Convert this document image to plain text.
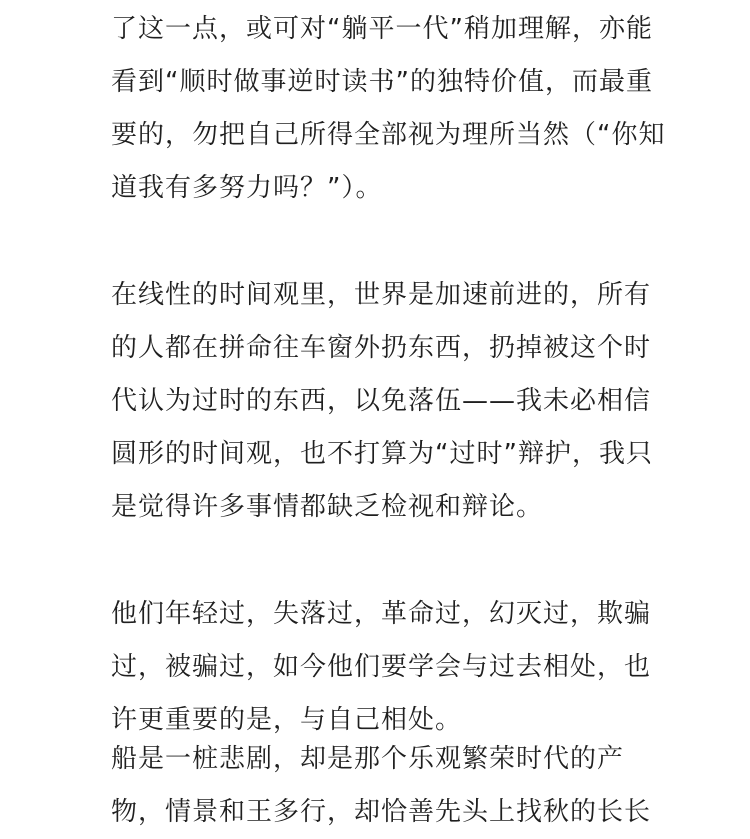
了这一点，或可对“躺平一代”稍加理解，亦能
看到“顺时做事逆时读书”的独特价值，而最重
要的，勿把自己所得全部视为理所当然（“你知
道我有多努力吗？”）。
在线性的时间观里，世界是加速前进的，所有
的人都在拼命往车窗外扔东西，扔掉被这个时
代认为过时的东西，以免落伍——我未必相信
圆形的时间观，也不打算为“过时”辩护，我只
是觉得许多事情都缺乏检视和辩论。
他们年轻过，失落过，革命过，幻灭过，欺骗
过，被骗过，如今他们要学会与过去相处，也
许更重要的是，与自己相处。
船是一桩悲剧，却是那个乐观繁荣时代的产
物，情景和王多行，却恰善先头上找秋的长长
